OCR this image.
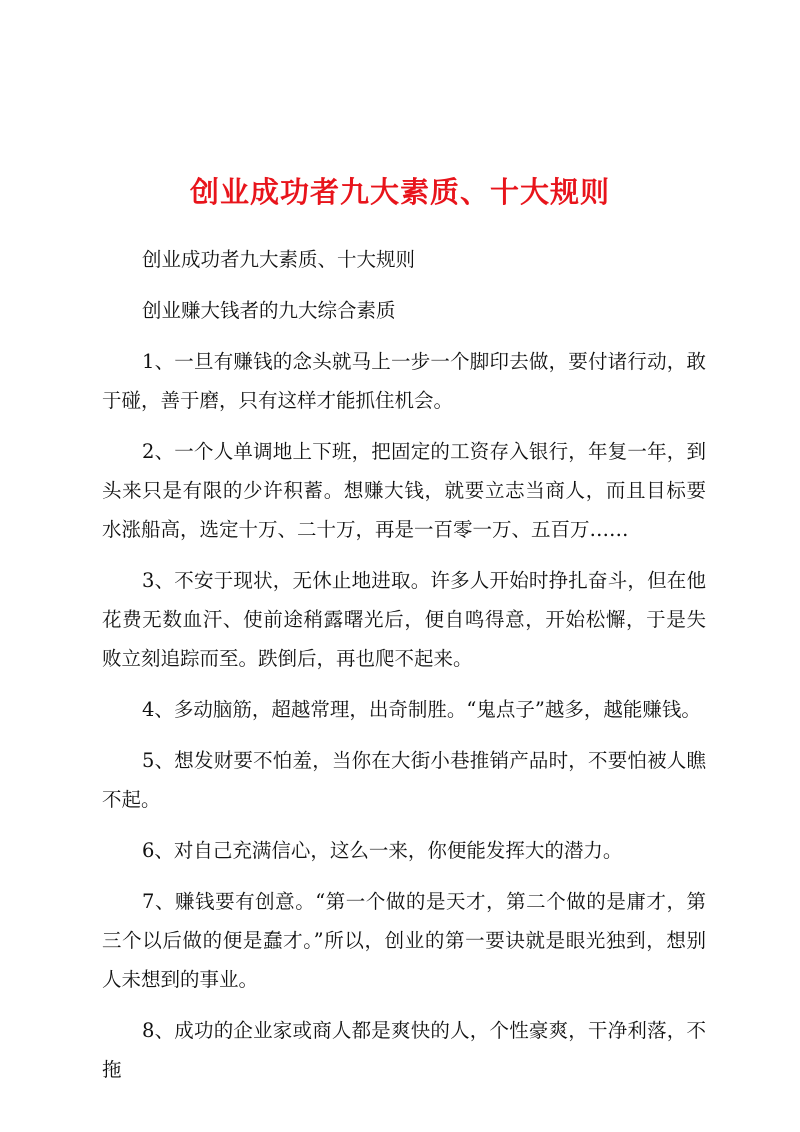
创业成功者九大素质、十大规则

创业成功者九大素质、十大规则

创业赚大钱者的九大综合素质

1、一旦有赚钱的念头就马上一步一个脚印去做，要付诸行动，敢于碰，善于磨，只有这样才能抓住机会。

2、一个人单调地上下班，把固定的工资存入银行，年复一年，到头来只是有限的少许积蓄。想赚大钱，就要立志当商人，而且目标要水涨船高，选定十万、二十万，再是一百零一万、五百万……

3、不安于现状，无休止地进取。许多人开始时挣扎奋斗，但在他花费无数血汗、使前途稍露曙光后，便自鸣得意，开始松懈，于是失败立刻追踪而至。跌倒后，再也爬不起来。

4、多动脑筋，超越常理，出奇制胜。“鬼点子”越多，越能赚钱。

5、想发财要不怕羞，当你在大街小巷推销产品时，不要怕被人瞧不起。

6、对自己充满信心，这么一来，你便能发挥大的潜力。

7、赚钱要有创意。“第一个做的是天才，第二个做的是庸才，第三个以后做的便是蠢才。”所以，创业的第一要诀就是眼光独到，想别人未想到的事业。

8、成功的企业家或商人都是爽快的人，个性豪爽，干净利落，不拖
